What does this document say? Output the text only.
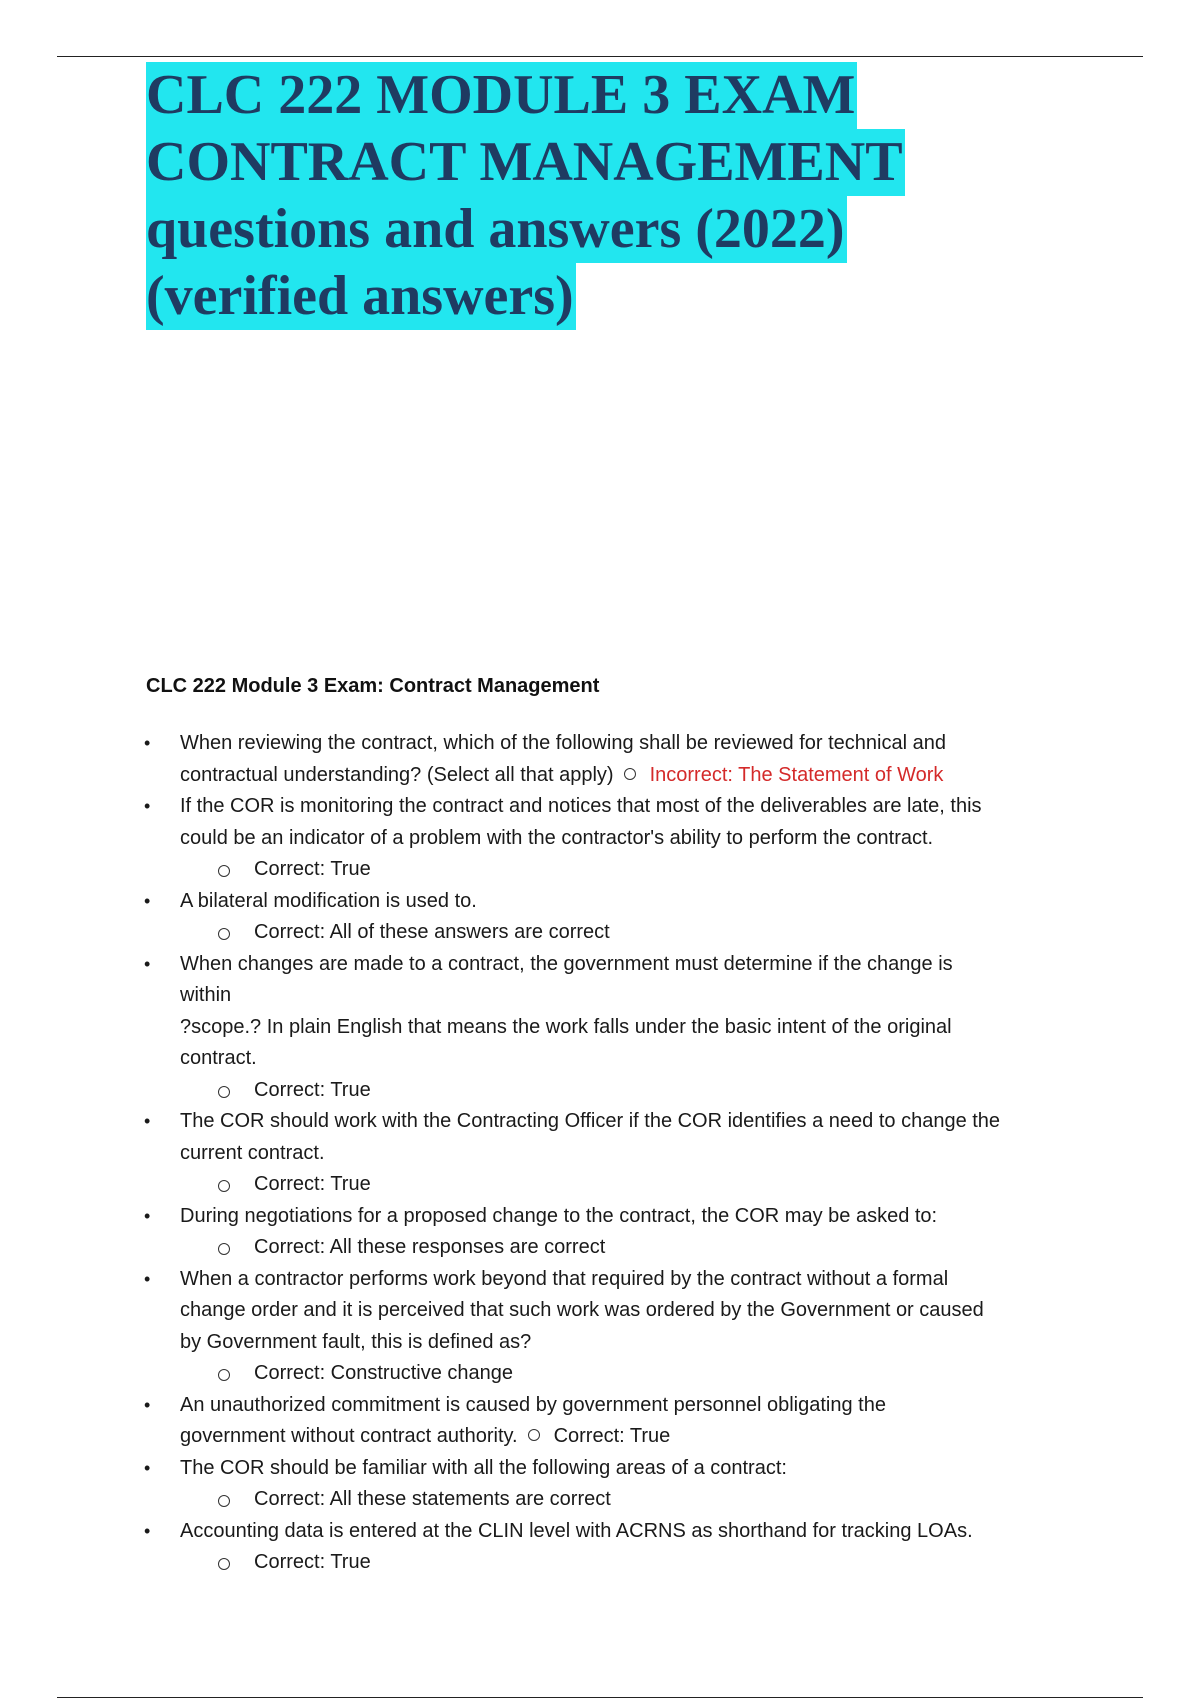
CLC 222 MODULE 3 EXAM
CONTRACT MANAGEMENT
questions and answers (2022)
(verified answers)
CLC 222 Module 3 Exam: Contract Management
•	When reviewing the contract, which of the following shall be reviewed for technical and
contractual understanding? (Select all that apply) Incorrect: The Statement of Work
•	If the COR is monitoring the contract and notices that most of the deliverables are late, this
could be an indicator of a problem with the contractor's ability to perform the contract.
Correct: True
•	A bilateral modification is used to.
Correct: All of these answers are correct
•	When changes are made to a contract, the government must determine if the change is
within
?scope.? In plain English that means the work falls under the basic intent of the original
contract.
Correct: True
•	The COR should work with the Contracting Officer if the COR identifies a need to change the
current contract.
Correct: True
•	During negotiations for a proposed change to the contract, the COR may be asked to:
Correct: All these responses are correct
•	When a contractor performs work beyond that required by the contract without a formal
change order and it is perceived that such work was ordered by the Government or caused
by Government fault, this is defined as?
Correct: Constructive change
•	An unauthorized commitment is caused by government personnel obligating the
government without contract authority. Correct: True
•	The COR should be familiar with all the following areas of a contract:
Correct: All these statements are correct
•	Accounting data is entered at the CLIN level with ACRNS as shorthand for tracking LOAs.
Correct: True
